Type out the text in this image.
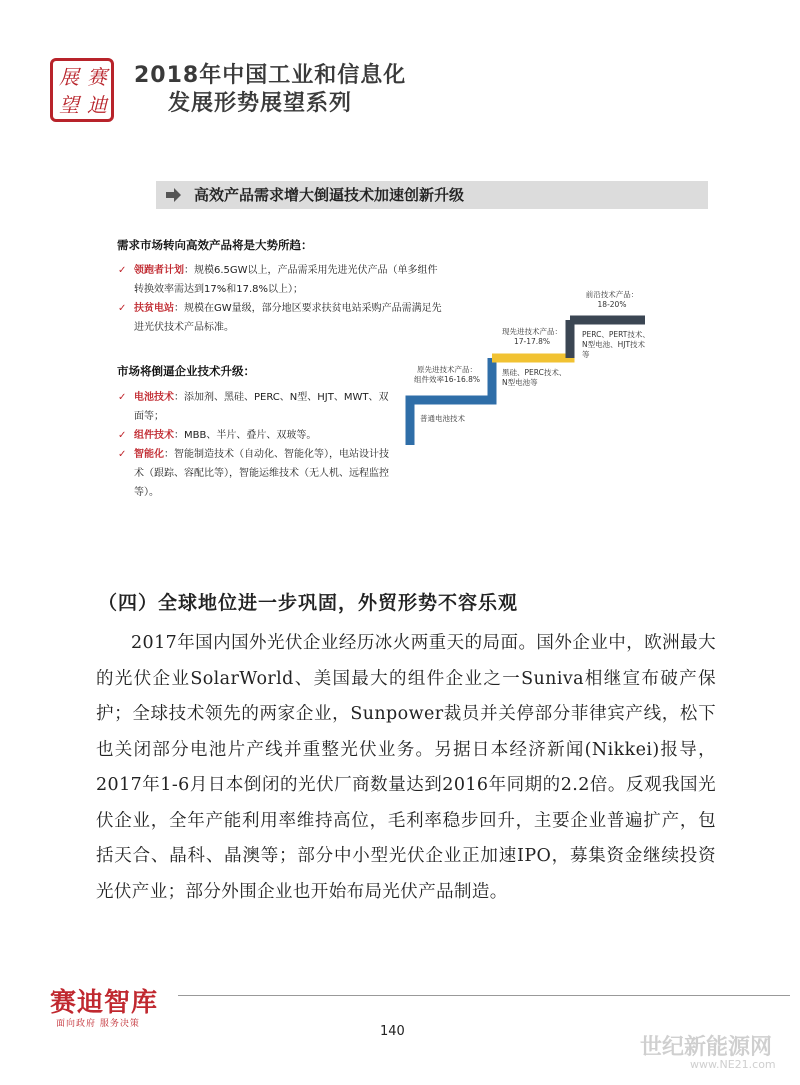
展 赛
望 迪
2018年中国工业和信息化
发展形势展望系列
高效产品需求增大倒逼技术加速创新升级
需求市场转向高效产品将是大势所趋：
✓ 领跑者计划：规模6.5GW以上，产品需采用先进光伏产品（单多组件转换效率需达到17%和17.8%以上）；
✓ 扶贫电站：规模在GW量级，部分地区要求扶贫电站采购产品需满足先进光伏技术产品标准。
市场将倒逼企业技术升级：
✓ 电池技术：添加剂、黑硅、PERC、N型、HJT、MWT、双面等；
✓ 组件技术：MBB、半片、叠片、双玻等。
✓ 智能化：智能制造技术（自动化、智能化等），电站设计技术（跟踪、容配比等），智能运维技术（无人机、远程监控等）。
原先进技术产品：
组件效率16-16.8%
普通电池技术
现先进技术产品：
17-17.8%
黑硅、PERC技术、
N型电池等
前沿技术产品：
18-20%
PERC、PERT技术、
N型电池、HJT技术
等
（四）全球地位进一步巩固，外贸形势不容乐观
2017年国内国外光伏企业经历冰火两重天的局面。国外企业中，欧洲最大的光伏企业SolarWorld、美国最大的组件企业之一Suniva相继宣布破产保护；全球技术领先的两家企业，Sunpower裁员并关停部分菲律宾产线，松下也关闭部分电池片产线并重整光伏业务。另据日本经济新闻(Nikkei)报导，2017年1-6月日本倒闭的光伏厂商数量达到2016年同期的2.2倍。反观我国光伏企业，全年产能利用率维持高位，毛利率稳步回升，主要企业普遍扩产，包括天合、晶科、晶澳等；部分中小型光伏企业正加速IPO，募集资金继续投资光伏产业；部分外围企业也开始布局光伏产品制造。
赛迪智库
面向政府 服务决策	140
世纪新能源网
www.NE21.com
